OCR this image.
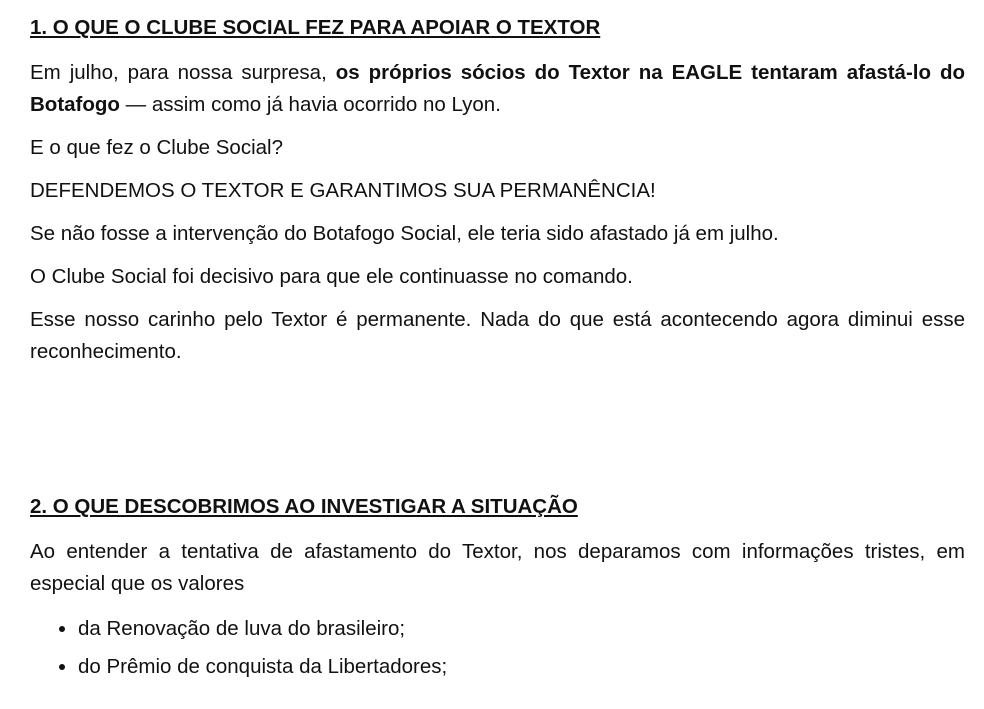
1. O QUE O CLUBE SOCIAL FEZ PARA APOIAR O TEXTOR

Em julho, para nossa surpresa, os próprios sócios do Textor na EAGLE tentaram afastá-lo do Botafogo — assim como já havia ocorrido no Lyon.

E o que fez o Clube Social?

DEFENDEMOS O TEXTOR E GARANTIMOS SUA PERMANÊNCIA!

Se não fosse a intervenção do Botafogo Social, ele teria sido afastado já em julho.

O Clube Social foi decisivo para que ele continuasse no comando.

Esse nosso carinho pelo Textor é permanente. Nada do que está acontecendo agora diminui esse reconhecimento.

2. O QUE DESCOBRIMOS AO INVESTIGAR A SITUAÇÃO

Ao entender a tentativa de afastamento do Textor, nos deparamos com informações tristes, em especial que os valores

• da Renovação de luva do brasileiro;
• do Prêmio de conquista da Libertadores;
